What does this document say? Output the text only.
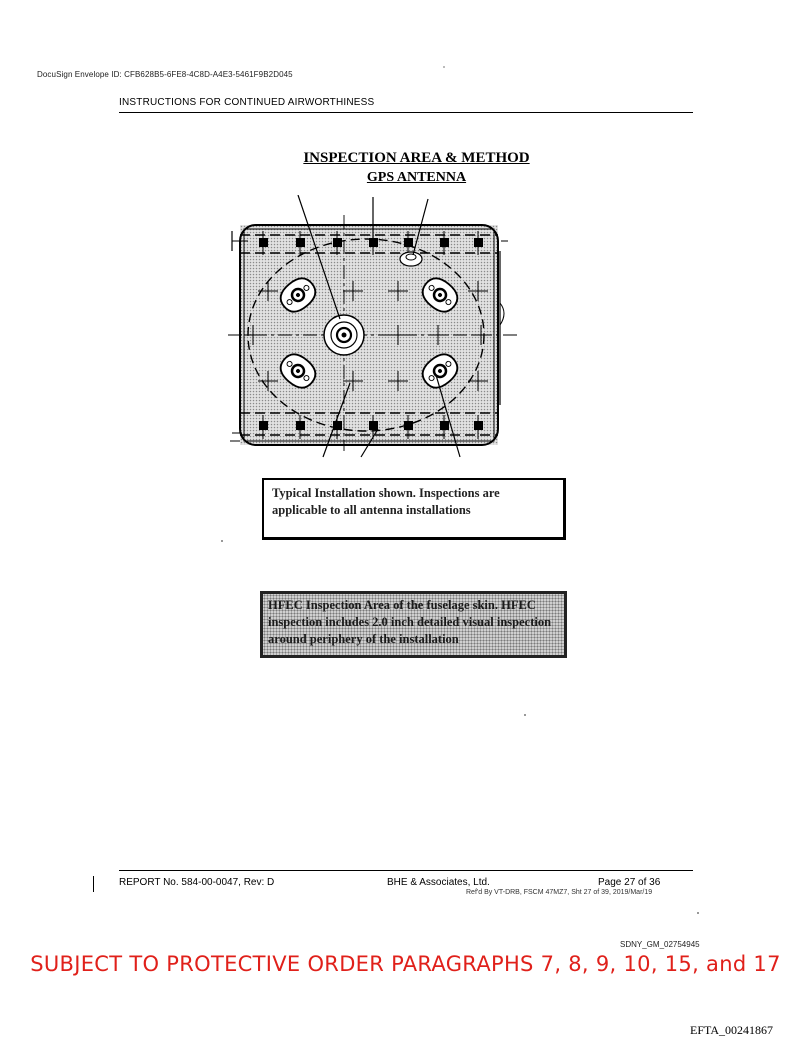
DocuSign Envelope ID: CFB628B5-6FE8-4C8D-A4E3-5461F9B2D045
INSTRUCTIONS FOR CONTINUED AIRWORTHINESS
INSPECTION AREA & METHOD
GPS ANTENNA
Typical Installation shown. Inspections are applicable to all antenna installations
HFEC Inspection Area of the fuselage skin. HFEC inspection includes 2.0 inch detailed visual inspection around periphery of the installation
REPORT No. 584-00-0047, Rev: D	BHE & Associates, Ltd.	Page 27 of 36
Ref'd By VT-DRB, FSCM 47MZ7, Sht 27 of 39, 2019/Mar/19
SDNY_GM_02754945
SUBJECT TO PROTECTIVE ORDER PARAGRAPHS 7, 8, 9, 10, 15, and 17
EFTA_00241867
